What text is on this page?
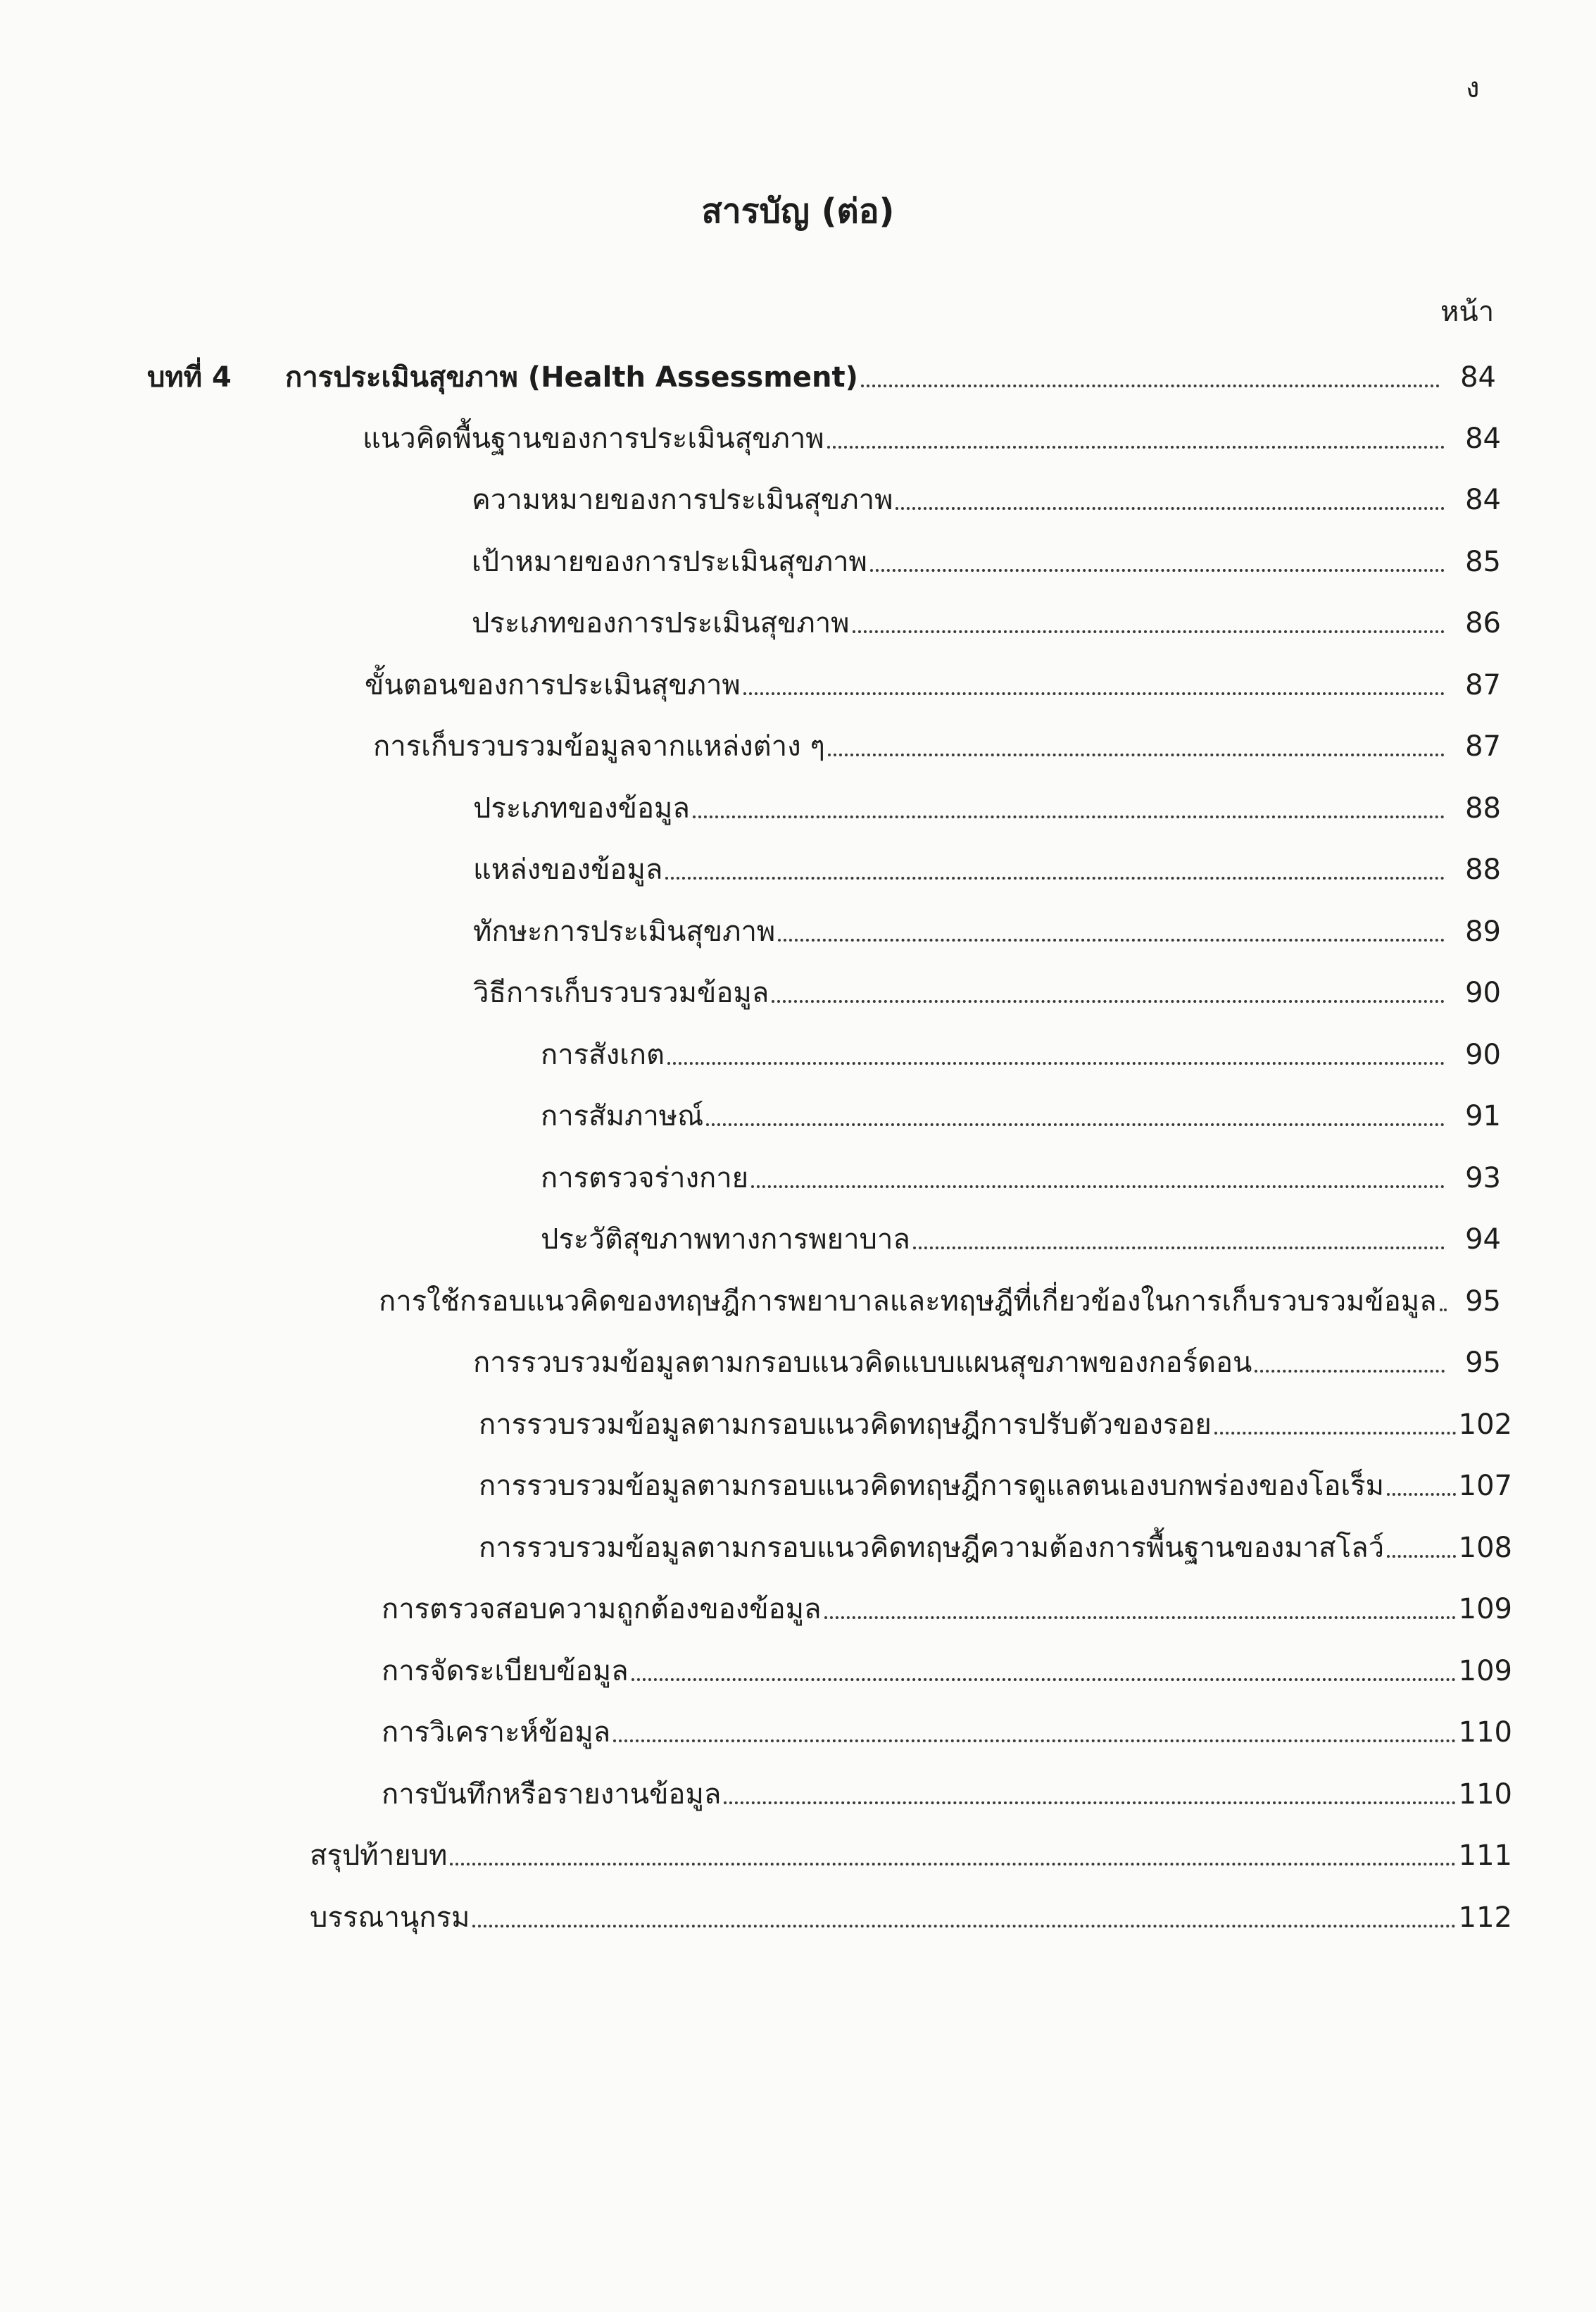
ง
สารบัญ (ต่อ)
หน้า
บทที่ 4 การประเมินสุขภาพ (Health Assessment)	84
แนวคิดพื้นฐานของการประเมินสุขภาพ	84
ความหมายของการประเมินสุขภาพ	84
เป้าหมายของการประเมินสุขภาพ	85
ประเภทของการประเมินสุขภาพ	86
ขั้นตอนของการประเมินสุขภาพ	87
การเก็บรวบรวมข้อมูลจากแหล่งต่าง ๆ	87
ประเภทของข้อมูล	88
แหล่งของข้อมูล	88
ทักษะการประเมินสุขภาพ	89
วิธีการเก็บรวบรวมข้อมูล	90
การสังเกต	90
การสัมภาษณ์	91
การตรวจร่างกาย	93
ประวัติสุขภาพทางการพยาบาล	94
การใช้กรอบแนวคิดของทฤษฎีการพยาบาลและทฤษฎีที่เกี่ยวข้องในการเก็บรวบรวมข้อมูล	95
การรวบรวมข้อมูลตามกรอบแนวคิดแบบแผนสุขภาพของกอร์ดอน	95
การรวบรวมข้อมูลตามกรอบแนวคิดทฤษฎีการปรับตัวของรอย	102
การรวบรวมข้อมูลตามกรอบแนวคิดทฤษฎีการดูแลตนเองบกพร่องของโอเร็ม	107
การรวบรวมข้อมูลตามกรอบแนวคิดทฤษฎีความต้องการพื้นฐานของมาสโลว์	108
การตรวจสอบความถูกต้องของข้อมูล	109
การจัดระเบียบข้อมูล	109
การวิเคราะห์ข้อมูล	110
การบันทึกหรือรายงานข้อมูล	110
สรุปท้ายบท	111
บรรณานุกรม	112
